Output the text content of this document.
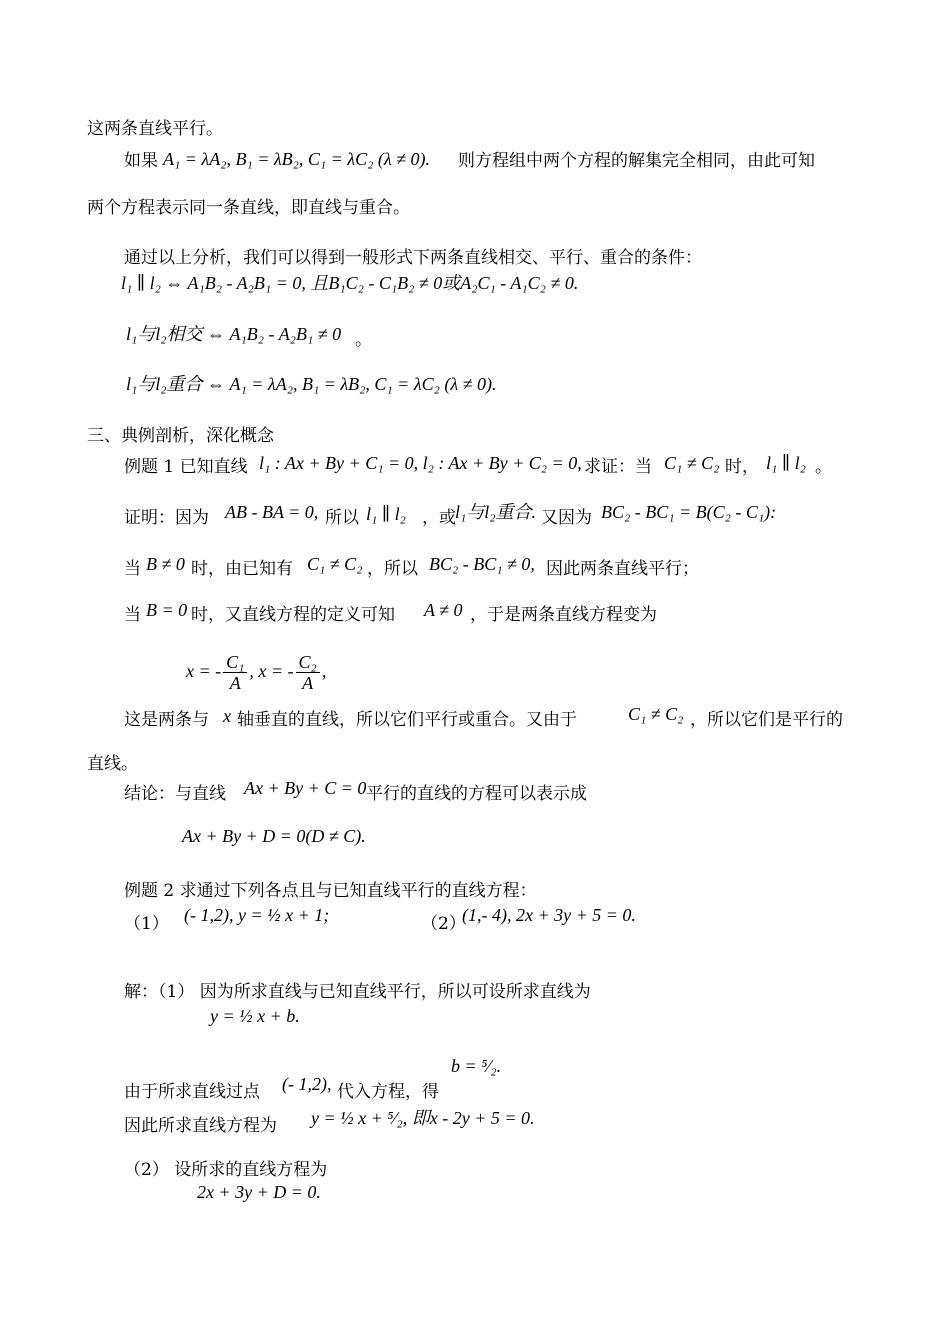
这两条直线平行。
如果 A₁ = λA₂, B₁ = λB₂, C₁ = λC₂ (λ ≠ 0). 则方程组中两个方程的解集完全相同，由此可知
两个方程表示同一条直线，即直线与重合。
通过以上分析，我们可以得到一般形式下两条直线相交、平行、重合的条件：
l₁ ∥ l₂ ⇔ A₁B₂ - A₂B₁ = 0, 且B₁C₂ - C₁B₂ ≠ 0或A₂C₁ - A₁C₂ ≠ 0.
l₁与l₂相交 ⇔ A₁B₂ - A₂B₁ ≠ 0 。
l₁与l₂重合 ⇔ A₁ = λA₂, B₁ = λB₂, C₁ = λC₂ (λ ≠ 0).
三、典例剖析，深化概念
例题 1 已知直线 l₁ : Ax + By + C₁ = 0, l₂ : Ax + By + C₂ = 0, 求证：当 C₁ ≠ C₂ 时， l₁ ∥ l₂ 。
证明：因为 AB - BA = 0, 所以 l₁ ∥ l₂ ，或 l₁与l₂重合. 又因为 BC₂ - BC₁ = B(C₂ - C₁):
当 B ≠ 0 时，由已知有 C₁ ≠ C₂ ，所以 BC₂ - BC₁ ≠ 0, 因此两条直线平行；
当 B = 0 时，又直线方程的定义可知 A ≠ 0 ，于是两条直线方程变为
x = - $\frac{\text{C₁}}{A}$ , x = - $\frac{\text{C₂}}{A}$ ,
这是两条与 x 轴垂直的直线，所以它们平行或重合。又由于	C₁ ≠ C₂ ，所以它们是平行的
直线。
结论：与直线 Ax + By + C = 0 平行的直线的方程可以表示成
Ax + By + D = 0(D ≠ C).
例题 2 求通过下列各点且与已知直线平行的直线方程：
（1） (- 1,2), y = ½ x + 1;	（2）
(1,- 4), 2x + 3y + 5 = 0.
解：（1） 因为所求直线与已知直线平行，所以可设所求直线为
y = ½ x + b.
b = ⁵⁄₂.
由于所求直线过点 (- 1,2), 代入方程，得
因此所求直线方程为 y = ½ x + ⁵⁄₂, 即x - 2y + 5 = 0.
（2） 设所求的直线方程为
2x + 3y + D = 0.
